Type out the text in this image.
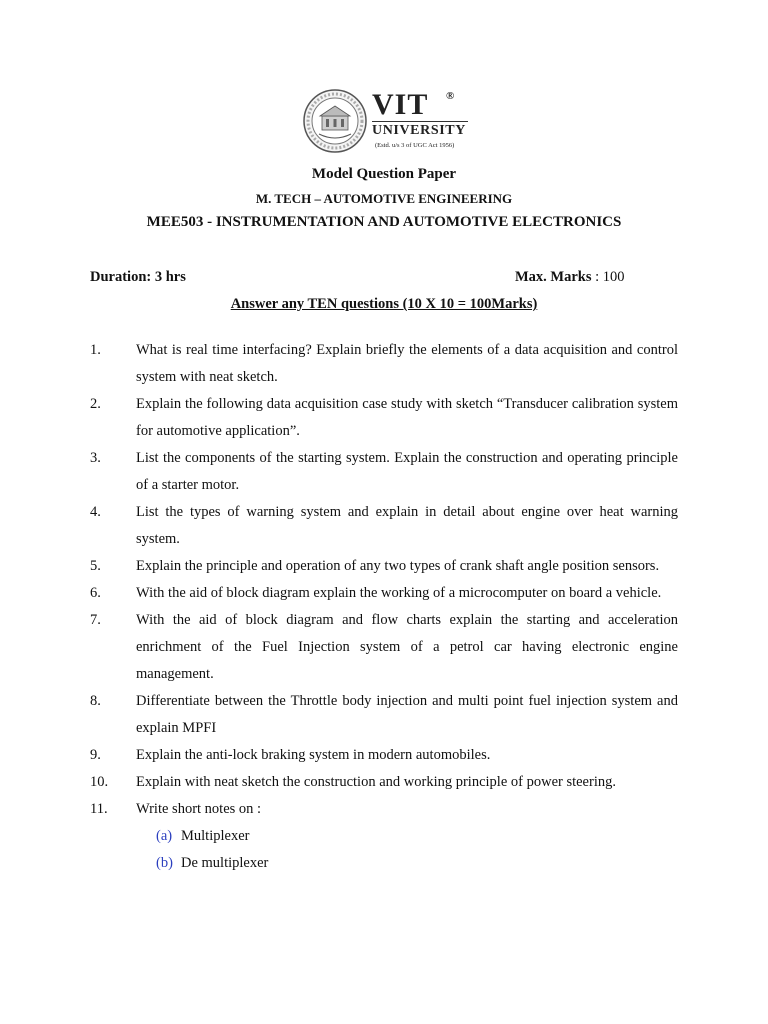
VIT ®
UNIVERSITY
(Estd. u/s 3 of UGC Act 1956)
Model Question Paper
M. TECH – AUTOMOTIVE ENGINEERING
MEE503 - INSTRUMENTATION AND AUTOMOTIVE ELECTRONICS
Duration: 3 hrs	Max. Marks : 100
Answer any TEN questions (10 X 10 = 100Marks)
1.	What is real time interfacing? Explain briefly the elements of a data acquisition and control system with neat sketch.
2.	Explain the following data acquisition case study with sketch “Transducer calibration system for automotive application”.
3.	List the components of the starting system. Explain the construction and operating principle of a starter motor.
4.	List the types of warning system and explain in detail about engine over heat warning system.
5.	Explain the principle and operation of any two types of crank shaft angle position sensors.
6.	With the aid of block diagram explain the working of a microcomputer on board a vehicle.
7.	With the aid of block diagram and flow charts explain the starting and acceleration enrichment of the Fuel Injection system of a petrol car having electronic engine management.
8.	Differentiate between the Throttle body injection and multi point fuel injection system and explain MPFI
9.	Explain the anti-lock braking system in modern automobiles.
10.	Explain with neat sketch the construction and working principle of power steering.
11.	Write short notes on :
(a) Multiplexer
(b) De multiplexer
